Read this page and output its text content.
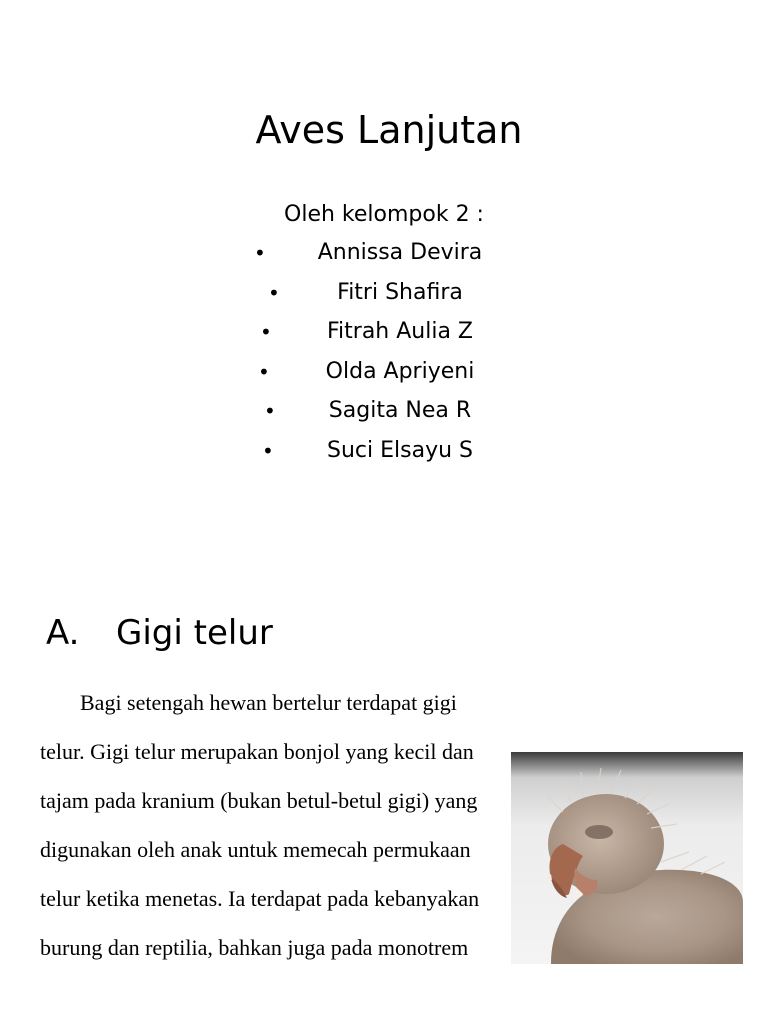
Aves Lanjutan
Oleh kelompok 2 :
•	Annissa Devira
•	Fitri Shafira
•	Fitrah Aulia Z
•	Olda Apriyeni
•	Sagita Nea R
•	Suci Elsayu S
A. Gigi telur

Bagi setengah hewan bertelur terdapat gigi telur. Gigi telur merupakan bonjol yang kecil dan tajam pada kranium (bukan betul-betul gigi) yang digunakan oleh anak untuk memecah permukaan telur ketika menetas. Ia terdapat pada kebanyakan burung dan reptilia, bahkan juga pada monotrem
